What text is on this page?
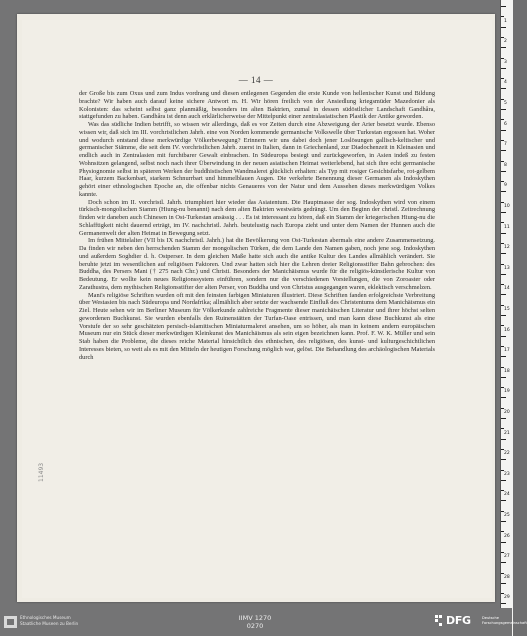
— 14 —

der Große bis zum Oxus und zum Indus vordrang und diesen entlegenen Gegenden die erste Kunde von hellenischer Kunst und Bildung brachte? Wir haben auch darauf keine sichere Antwort m. H. Wir hören freilich von der Ansiedlung kriegsmüder Mazedonier als Kolonisten: das scheint selbst ganz planmäßig, besonders im alten Baktrien, zumal in dessen südöstlicher Landschaft Gandhâra, stattgefunden zu haben. Gandhâra ist denn auch erklärlicherweise der Mittelpunkt einer zentralasiatischen Plastik der Antike geworden.

Was das südliche Indien betrifft, so wissen wir allerdings, daß es vor Zeiten durch eine Abzweigung der Arier besetzt wurde. Ebenso wissen wir, daß sich im III. vorchristlichen Jahrh. eine von Norden kommende germanische Volkswelle über Turkestan ergossen hat. Woher und wodurch entstand diese merkwürdige Völkerbewegung? Erinnern wir uns dabei doch jener Loslösungen gallisch-keltischer und germanischer Stämme, die seit dem IV. vorchristlichen Jahrh. zuerst in Italien, dann in Griechenland, zur Diadochenzeit in Kleinasien und endlich auch in Zentralasien mit furchtbarer Gewalt einbrachen. In Südeuropa besiegt und zurückgeworfen, in Asien indeß zu festen Wohnsitzen gelangend, selbst noch nach ihrer Überwindung in der neuen asiatischen Heimat weiterlebend, hat sich ihre echt germanische Physiognomie selbst in späteren Werken der buddhistischen Wandmalerei glücklich erhalten: als Typ mit rosiger Gesichtsfarbe, rot-gelbem Haar, kurzem Backenbart, starkem Schnurrbart und himmelblauen Augen. Die verkehrte Benennung dieser Germanen als Indoskythen gehört einer ethnologischen Epoche an, die offenbar nichts Genaueres von der Natur und dem Aussehen dieses merkwürdigen Volkes kannte.

Doch schon im II. vorchristl. Jahrh. triumphiert hier wieder das Asiatentum. Die Hauptmasse der sog. Indoskythen wird von einem türkisch-mongolischen Stamm (Hiung-nu benannt) nach dem alten Baktrien westwärts gedrängt. Um den Beginn der christl. Zeitrechnung finden wir daneben auch Chinesen in Ost-Turkestan ansässig . . . Es ist interessant zu hören, daß ein Stamm der kriegerischen Hiung-nu die Schlafftigkeit nicht dauernd erträgt, im IV. nachchristl. Jahrh. beutelustig nach Europa zieht und unter dem Namen der Hunnen auch die Germanenwelt der alten Heimat in Bewegung setzt.

Im frühen Mittelalter (VII bis IX nachchristl. Jahrh.) hat die Bevölkerung von Ost-Turkestan abermals eine andere Zusammensetzung. Da finden wir neben den herrschenden Stamm der mongolischen Türken, die dem Lande den Namen gaben, noch jene sog. Indoskythen und außerdem Soghdier d. h. Ostperser. In dem gleichen Maße hatte sich auch die antike Kultur des Landes allmählich verändert. Sie beruhte jetzt im wesentlichen auf religiösen Faktoren. Und zwar hatten sich hier die Lehren dreier Religionsstifter Bahn gebrochen: des Buddha, des Persers Mani († 275 nach Chr.) und Christi. Besonders der Manichäismus wurde für die religiös-künstlerische Kultur von Bedeutung. Er wollte kein neues Religionssystem einführen, sondern nur die verschiedenen Vorstellungen, die von Zoroaster oder Zarathustra, dem mythischen Religionsstifter der alten Perser, von Buddha und von Christus ausgegangen waren, eklektisch verschmelzen.

Mani's religiöse Schriften wurden oft mit den feinsten farbigen Miniaturen illustriert. Diese Schriften fanden erfolgreichste Verbreitung über Westasien bis nach Südeuropa und Nordafrika; allmählich aber setzte der wachsende Einfluß des Christentums dem Manichäismus ein Ziel. Heute sehen wir im Berliner Museum für Völkerkunde zahlreiche Fragmente dieser manichäischen Literatur und ihrer höchst selten gewordenen Buchkunst. Sie wurden ebenfalls den Ruinenstätten der Turfan-Oase entrissen, und man kann diese Buchkunst als eine Vorstufe der so sehr geschätzten persisch-islamitischen Miniaturmalerei ansehen, um so höher, als man in keinem andern europäischen Museum nur ein Stück dieser merkwürdigen Kleinkunst des Manichäismus als sein eigen bezeichnen kann. Prof. F. W. K. Müller und sein Stab haben die Probleme, die dieses reiche Material hinsichtlich des ethnischen, des religiösen, des kunst- und kulturgeschichtlichen Interesses bieten, so weit als es mit den Mitteln der heutigen Forschung möglich war, gelöst. Die Behandlung des archäologischen Materials durch

11493
1
2
3
4
5
6
7
8
9
10
11
12
13
14
15
16
17
18
19
20
21
22
23
24
25
26
27
28
29
Ethnologisches Museum
Staatliche Museen zu Berlin
IIMV 1270
0270	DFG	Deutsche
Forschungsgemeinschaft
